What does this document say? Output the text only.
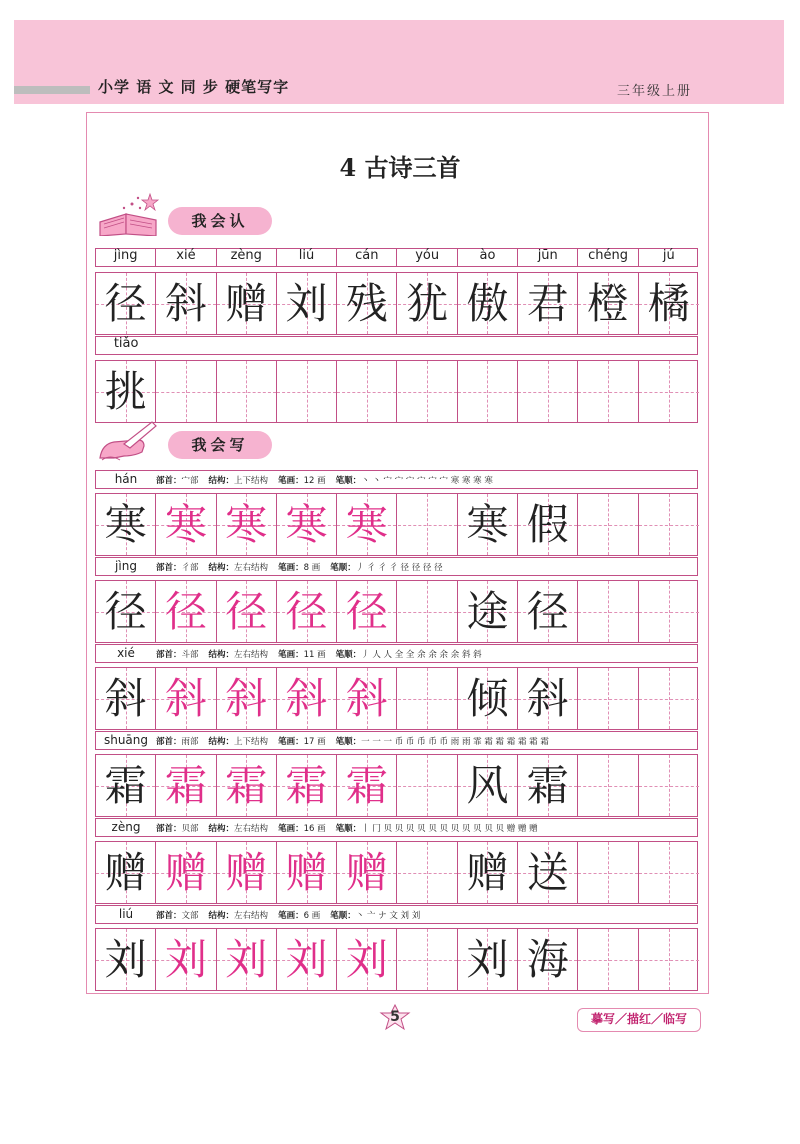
小学 语 文 同 步 硬笔写字	三年级上册
4 古诗三首
我会认
jìng	xié	zèng	liú	cán	yóu	ào	jūn	chéng	jú
径 斜 赠 刘 残 犹 傲 君 橙 橘
tiǎo
挑
我会写
hán 部首：宀部 结构：上下结构 笔画：12 画 笔顺：丶 丶 宀 宀 宀 宀 宀 宀 寒 寒 寒 寒
寒 寒 寒 寒 寒 寒 假
jìng 部首：彳部 结构：左右结构 笔画：8 画 笔顺：丿 彳 彳 彳 径 径 径 径
径 径 径 径 径 途 径
xié 部首：斗部 结构：左右结构 笔画：11 画 笔顺：丿 人 人 全 全 余 余 余 余 斜 斜
斜 斜 斜 斜 斜 倾 斜
shuāng 部首：雨部 结构：上下结构 笔画：17 画 笔顺：一 一 一 币 币 币 币 币 雨 雨 霏 霜 霜 霜 霜 霜 霜
霜 霜 霜 霜 霜 风 霜
zèng 部首：贝部 结构：左右结构 笔画：16 画 笔顺：丨 冂 贝 贝 贝 贝 贝 贝 贝 贝 贝 贝 贝 赠 赠 赠
赠 赠 赠 赠 赠 赠 送
liú	部首：文部 结构：左右结构 笔画：6 画 笔顺：丶 亠 ナ 文 刘 刘
刘 刘 刘 刘 刘 刘 海
5	摹写／描红／临写
